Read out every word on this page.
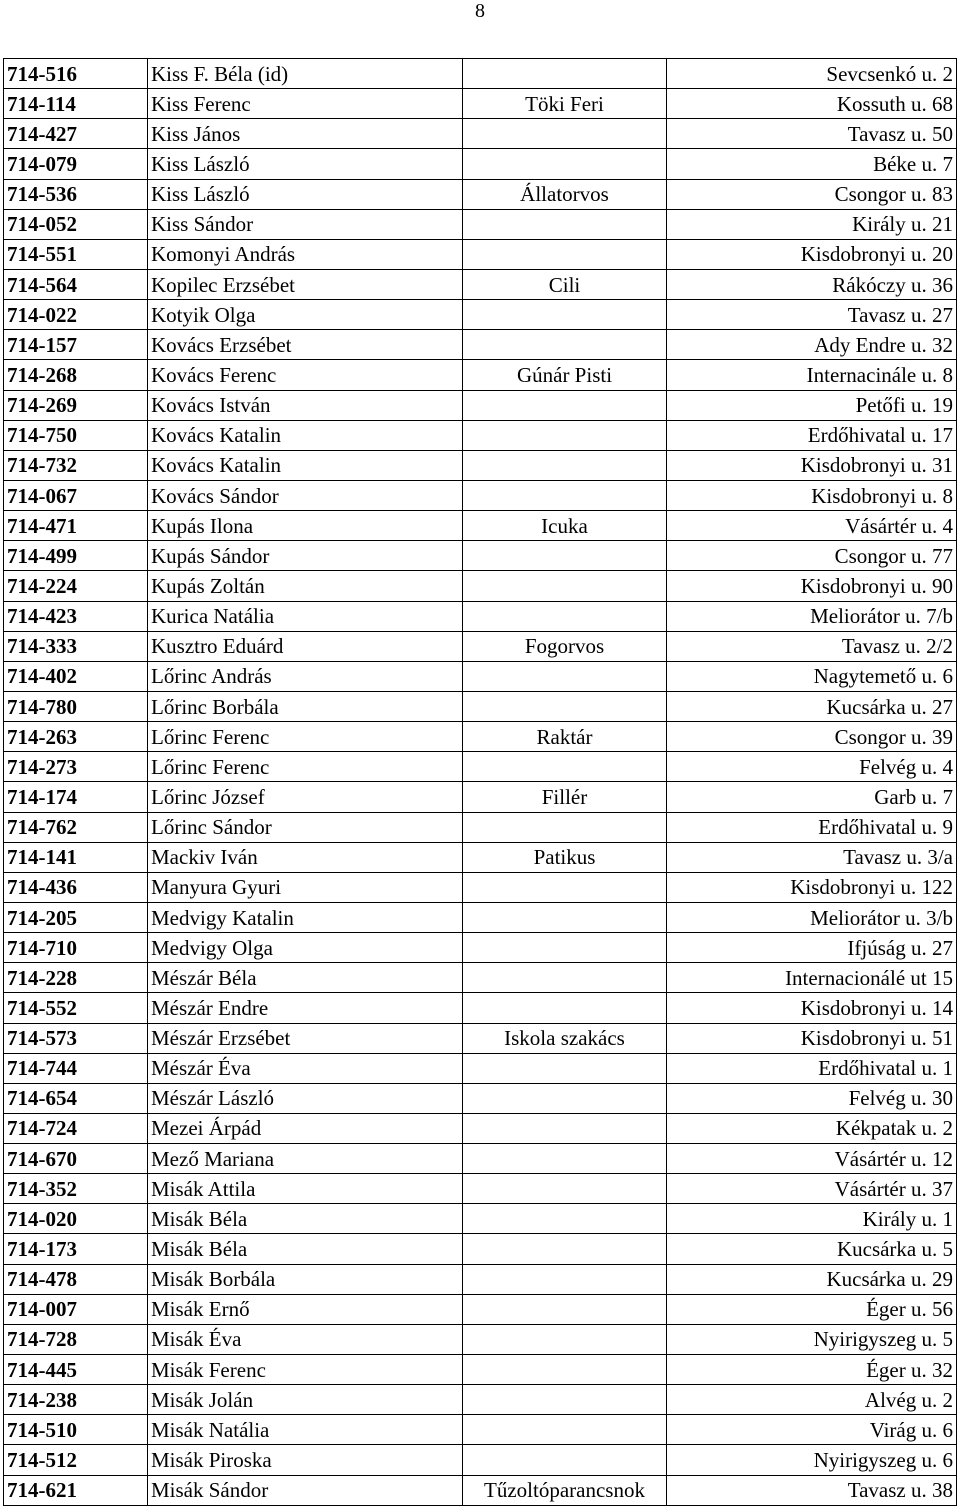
8
714-516	Kiss F. Béla (id)		Sevcsenkó u. 2
714-114	Kiss Ferenc	Töki Feri	Kossuth u. 68
714-427	Kiss János		Tavasz u. 50
714-079	Kiss László		Béke u. 7
714-536	Kiss László	Állatorvos	Csongor u. 83
714-052	Kiss Sándor		Király u. 21
714-551	Komonyi András		Kisdobronyi u. 20
714-564	Kopilec Erzsébet	Cili	Rákóczy u. 36
714-022	Kotyik Olga		Tavasz u. 27
714-157	Kovács Erzsébet		Ady Endre u. 32
714-268	Kovács Ferenc	Gúnár Pisti	Internacinále u. 8
714-269	Kovács István		Petőfi u. 19
714-750	Kovács Katalin		Erdőhivatal u. 17
714-732	Kovács Katalin		Kisdobronyi u. 31
714-067	Kovács Sándor		Kisdobronyi u. 8
714-471	Kupás Ilona	Icuka	Vásártér u. 4
714-499	Kupás Sándor		Csongor u. 77
714-224	Kupás Zoltán		Kisdobronyi u. 90
714-423	Kurica Natália		Meliorátor u. 7/b
714-333	Kusztro Eduárd	Fogorvos	Tavasz u. 2/2
714-402	Lőrinc András		Nagytemető u. 6
714-780	Lőrinc Borbála		Kucsárka u. 27
714-263	Lőrinc Ferenc	Raktár	Csongor u. 39
714-273	Lőrinc Ferenc		Felvég u. 4
714-174	Lőrinc József	Fillér	Garb u. 7
714-762	Lőrinc Sándor		Erdőhivatal u. 9
714-141	Mackiv Iván	Patikus	Tavasz u. 3/a
714-436	Manyura Gyuri		Kisdobronyi u. 122
714-205	Medvigy Katalin		Meliorátor u. 3/b
714-710	Medvigy Olga		Ifjúság u. 27
714-228	Mészár Béla		Internacionálé ut 15
714-552	Mészár Endre		Kisdobronyi u. 14
714-573	Mészár Erzsébet	Iskola szakács	Kisdobronyi u. 51
714-744	Mészár Éva		Erdőhivatal u. 1
714-654	Mészár László		Felvég u. 30
714-724	Mezei Árpád		Kékpatak u. 2
714-670	Mező Mariana		Vásártér u. 12
714-352	Misák Attila		Vásártér u. 37
714-020	Misák Béla		Király u. 1
714-173	Misák Béla		Kucsárka u. 5
714-478	Misák Borbála		Kucsárka u. 29
714-007	Misák Ernő		Éger u. 56
714-728	Misák Éva		Nyirigyszeg u. 5
714-445	Misák Ferenc		Éger u. 32
714-238	Misák Jolán		Alvég u. 2
714-510	Misák Natália		Virág u. 6
714-512	Misák Piroska		Nyirigyszeg u. 6
714-621	Misák Sándor	Tűzoltóparancsnok	Tavasz u. 38
